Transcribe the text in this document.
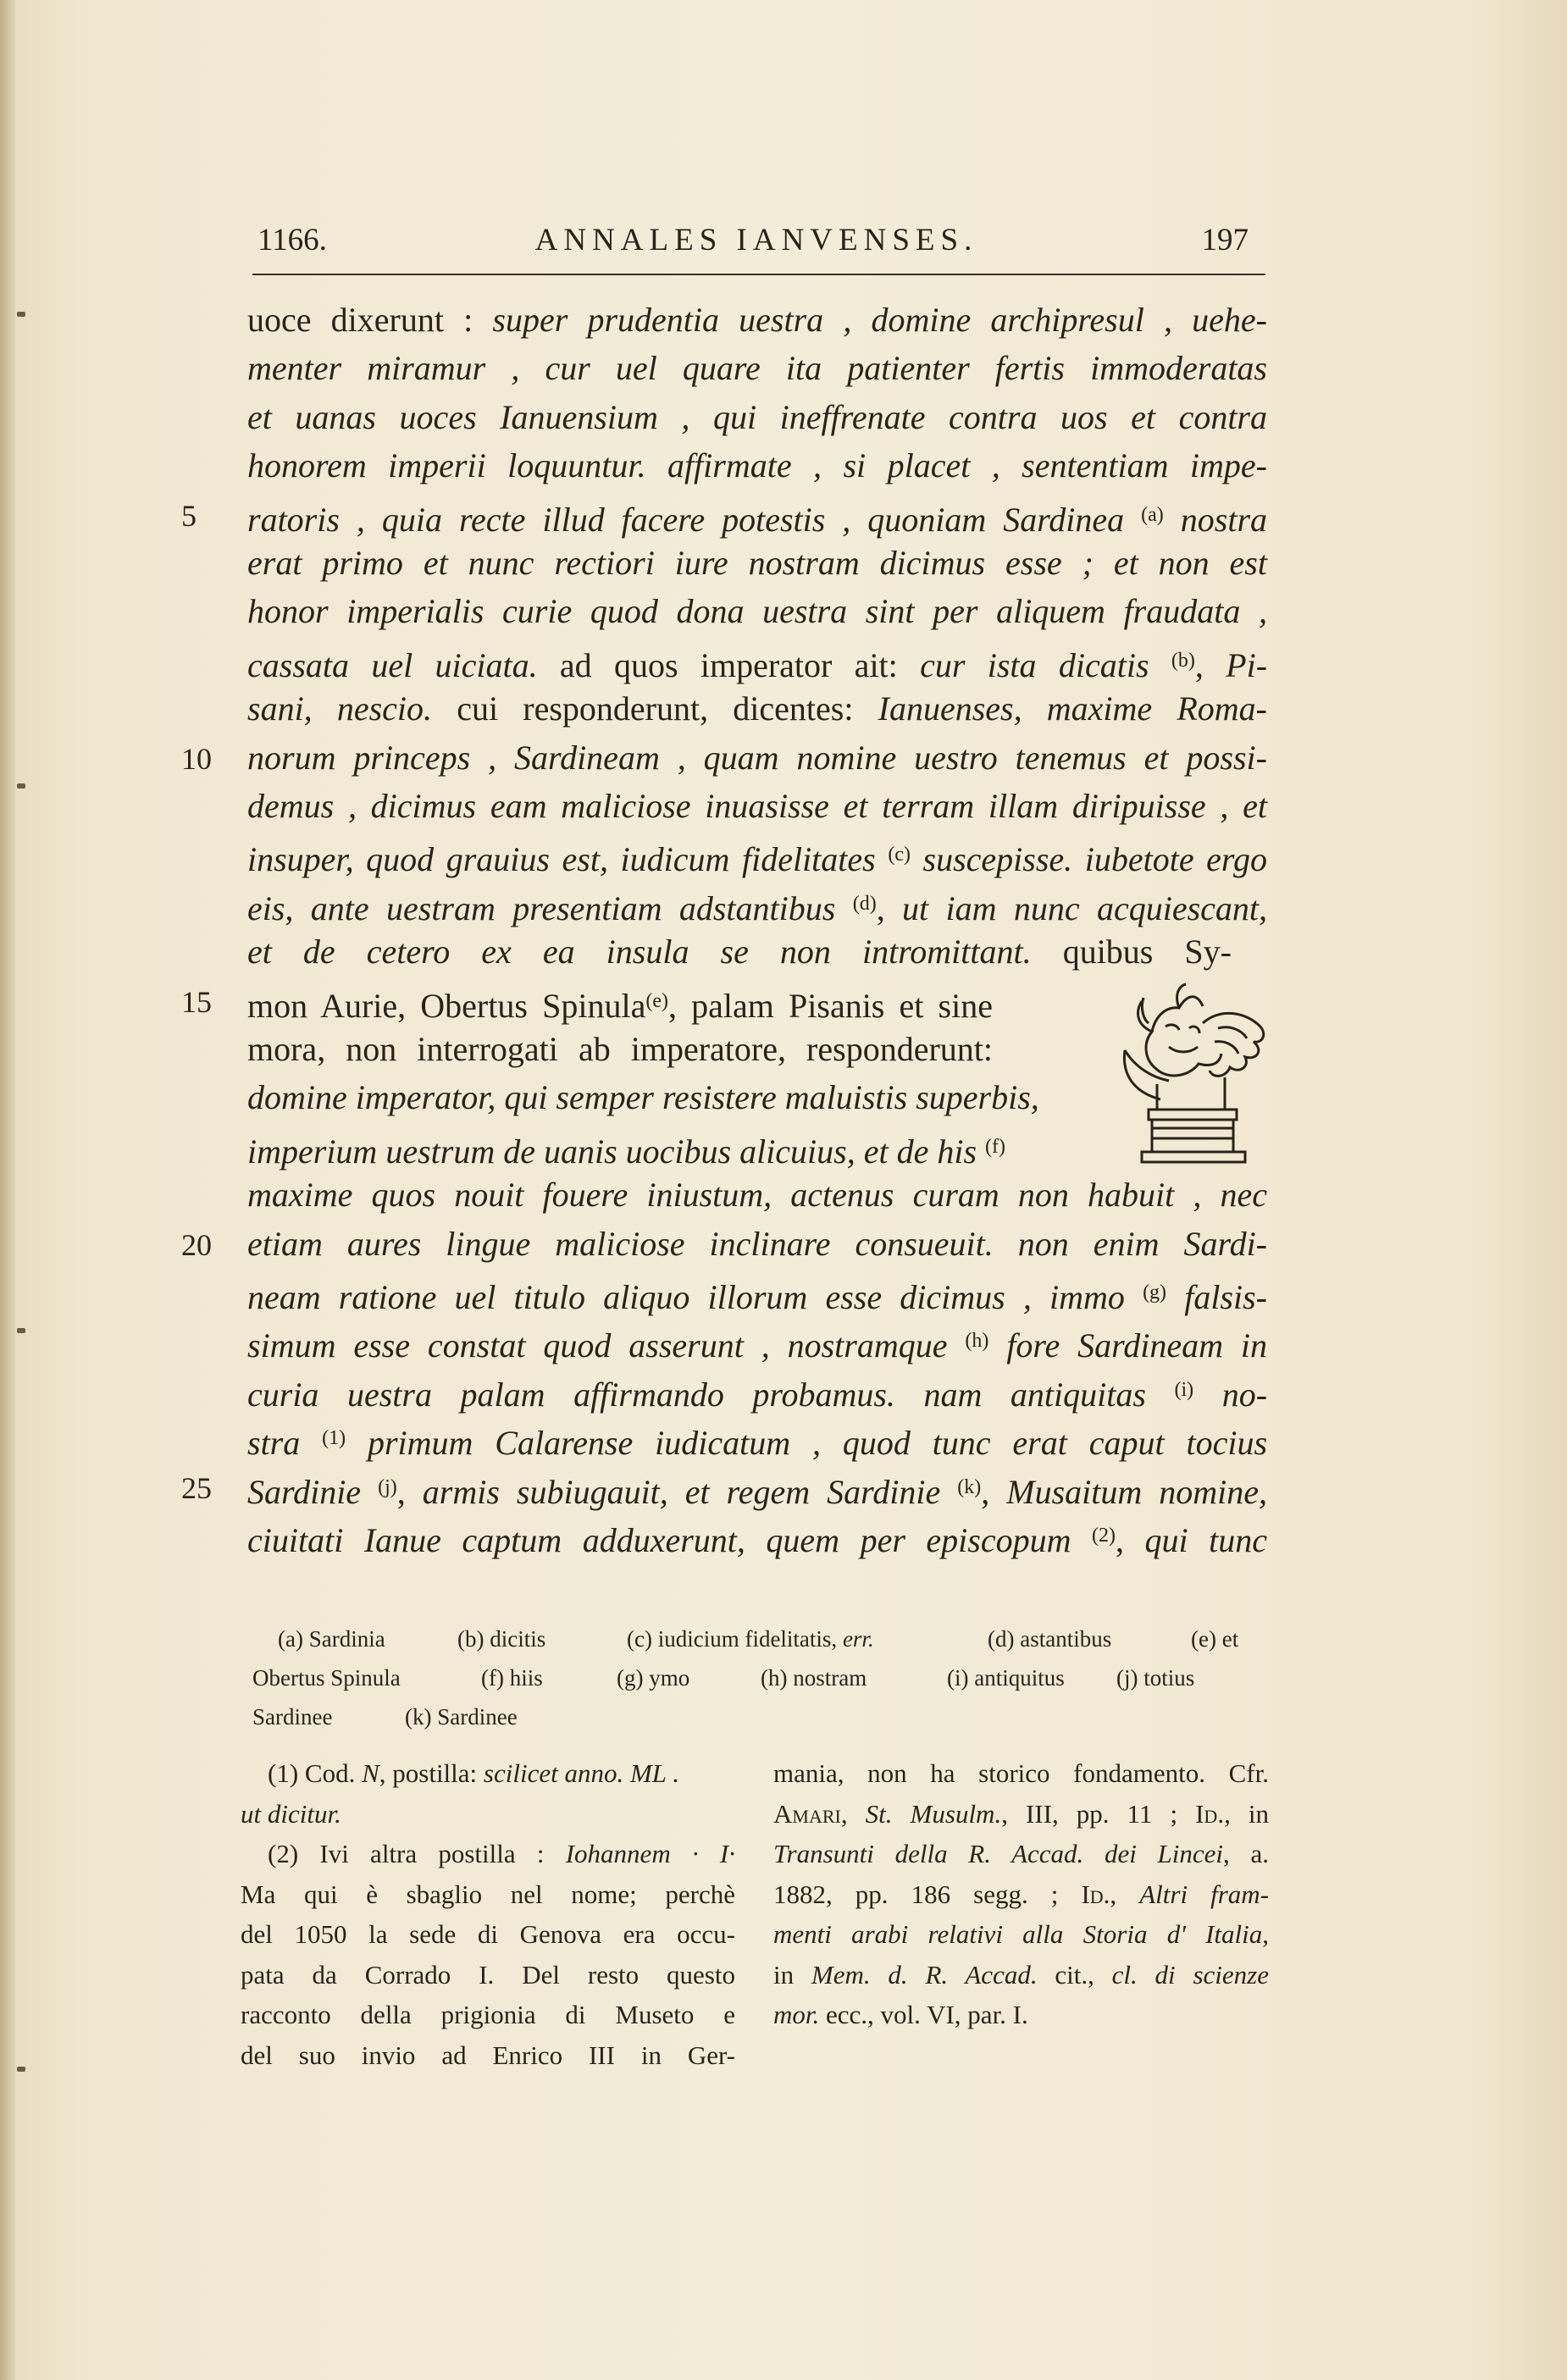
1166.	ANNALES IANVENSES.	197
uoce dixerunt : super prudentia uestra , domine archipresul , uehe-
menter miramur , cur uel quare ita patienter fertis immoderatas
et uanas uoces Ianuensium , qui ineffrenate contra uos et contra
honorem imperii loquuntur. affirmate , si placet , sententiam impe-
ratoris , quia recte illud facere potestis , quoniam Sardinea $^{(a)}$ nostra
erat primo et nunc rectiori iure nostram dicimus esse ; et non est
honor imperialis curie quod dona uestra sint per aliquem fraudata ,
cassata uel uiciata. ad quos imperator ait: cur ista dicatis $^{(b)}$, Pi-
sani, nescio. cui responderunt, dicentes: Ianuenses, maxime Roma-
norum princeps , Sardineam , quam nomine uestro tenemus et possi-
demus , dicimus eam maliciose inuasisse et terram illam diripuisse , et
insuper, quod grauius est, iudicum fidelitates $^{(c)}$ suscepisse. iubetote ergo
eis, ante uestram presentiam adstantibus $^{(d)}$, ut iam nunc acquiescant,
et de cetero ex ea insula se non intromittant. quibus Sy-
mon Aurie, Obertus Spinula$^{(e)}$, palam Pisanis et sine
mora, non interrogati ab imperatore, responderunt:
domine imperator, qui semper resistere maluistis superbis,
imperium uestrum de uanis uocibus alicuius, et de his $^{(f)}$
maxime quos nouit fouere iniustum, actenus curam non habuit , nec
etiam aures lingue maliciose inclinare consueuit. non enim Sardi-
neam ratione uel titulo aliquo illorum esse dicimus , immo $^{(g)}$ falsis-
simum esse constat quod asserunt , nostramque $^{(h)}$ fore Sardineam in
curia uestra palam affirmando probamus. nam antiquitas $^{(i)}$ no-
stra $^{(1)}$ primum Calarense iudicatum , quod tunc erat caput tocius
Sardinie $^{(j)}$, armis subiugauit, et regem Sardinie $^{(k)}$, Musaitum nomine,
ciuitati Ianue captum adduxerunt, quem per episcopum $^{(2)}$, qui tunc
5
10
15
20
25
(a) Sardinia	(b) dicitis	(c) iudicium fidelitatis, err.	(d) astantibus	(e) et
Obertus Spinula	(f) hiis	(g) ymo	(h) nostram	(i) antiquitus (j) totius
Sardinee	(k) Sardinee
(1) Cod. N, postilla: scilicet anno. ML .
ut dicitur.
(2) Ivi altra postilla : Iohannem · I·
Ma qui è sbaglio nel nome; perchè
del 1050 la sede di Genova era occu-
pata da Corrado I. Del resto questo
racconto della prigionia di Museto e
del suo invio ad Enrico III in Ger-
mania, non ha storico fondamento. Cfr.
Amari, St. Musulm., III, pp. 11 ; Id., in
Transunti della R. Accad. dei Lincei, a.
1882, pp. 186 segg. ; Id., Altri fram-
menti arabi relativi alla Storia d' Italia,
in Mem. d. R. Accad. cit., cl. di scienze
mor. ecc., vol. VI, par. I.
